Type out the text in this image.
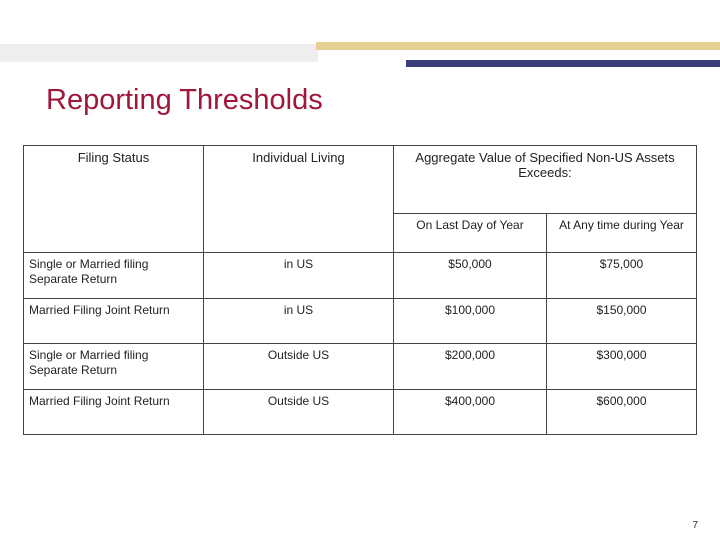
Reporting Thresholds
Filing Status	Individual Living	Aggregate Value of Specified Non-US Assets Exceeds:	
		On Last Day of Year	At Any time during Year
Single or Married filing Separate Return	in US	$50,000	$75,000
Married Filing Joint Return	in US	$100,000	$150,000
Single or Married filing Separate Return	Outside US	$200,000	$300,000
Married Filing Joint Return	Outside US	$400,000	$600,000
7
